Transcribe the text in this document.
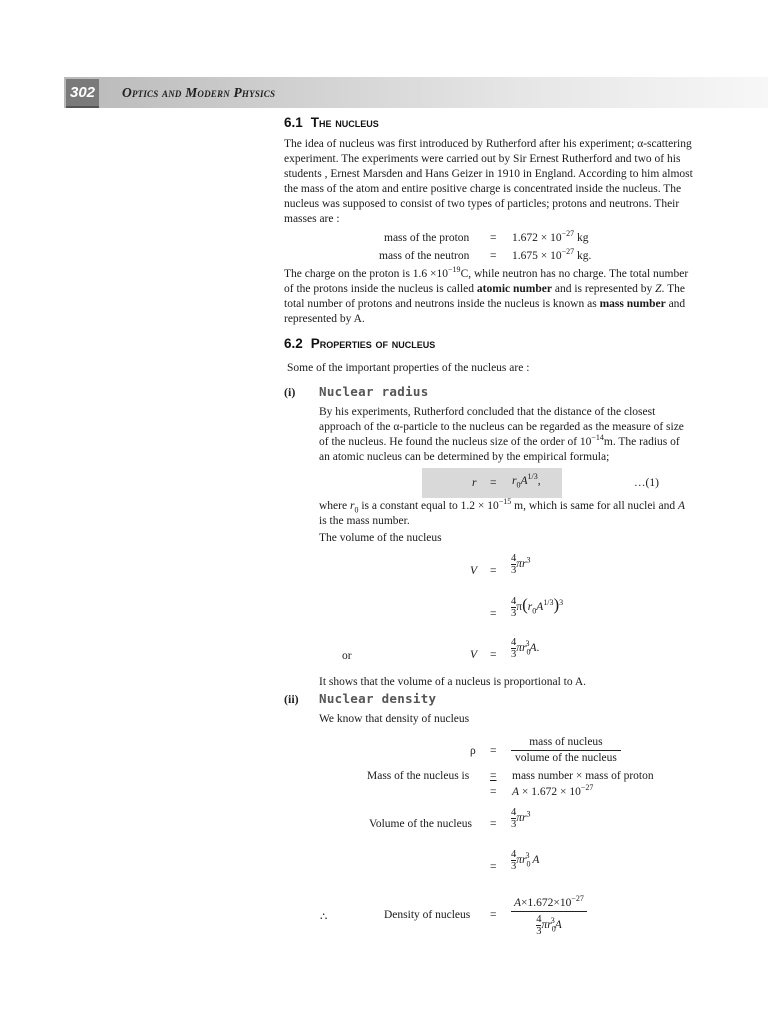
302 Optics and Modern Physics
6.1 The nucleus
The idea of nucleus was first introduced by Rutherford after his experiment; α-scattering
experiment. The experiments were carried out by Sir Ernest Rutherford and two of his
students , Ernest Marsden and Hans Geizer in 1910 in England. According to him almost
the mass of the atom and entire positive charge is concentrated inside the nucleus. The
nucleus was supposed to consist of two types of particles; protons and neutrons. Their
masses are :
mass of the proton = $1.672 \times 10^{-27}$ kg
mass of the neutron = $1.675 \times 10^{-27}$ kg.
The charge on the proton is $1.6 \times 10^{-19}C$, while neutron has no charge. The total number
of the protons inside the nucleus is called atomic number and is represented by Z. The
total number of protons and neutrons inside the nucleus is known as mass number and
represented by A.
6.2 Properties of nucleus
Some of the important properties of the nucleus are :
(i) Nuclear radius
By his experiments, Rutherford concluded that the distance of the closest
approach of the α-particle to the nucleus can be regarded as the measure of size
of the nucleus. He found the nucleus size of the order of $10^{-14}m$. The radius of
an atomic nucleus can be determined by the empirical formula;
$r = r_0A^{1/3}$,	…(1)
where $r_0$ is a constant equal to $1.2 \times 10^{-15}$ m, which is same for all nuclei and A
is the mass number.
The volume of the nucleus
$V = \frac{4}{3} \pi r^3$
= $\frac{4}{3} \pi(r_0A^{1/3})^3$
or	$V = \frac{4}{3} \pi r_0^3A$.
It shows that the volume of a nucleus is proportional to A.
(ii) Nuclear density
We know that density of nucleus
$\rho = \frac{\text{mass of nucleus}}{\text{volume of the nucleus}}$
Mass of the nucleus is = mass number × mass of proton
= $A \times 1.672 \times 10^{-27}$
Volume of the nucleus = $\frac{4}{3} \pi r^3$
= $\frac{4}{3} \pi r_0^3$ A
∴	Density of nucleus = $\frac{A\times 1.672\times 10^{-27}}{\frac{4}{3} \pi r_0^3A}$
